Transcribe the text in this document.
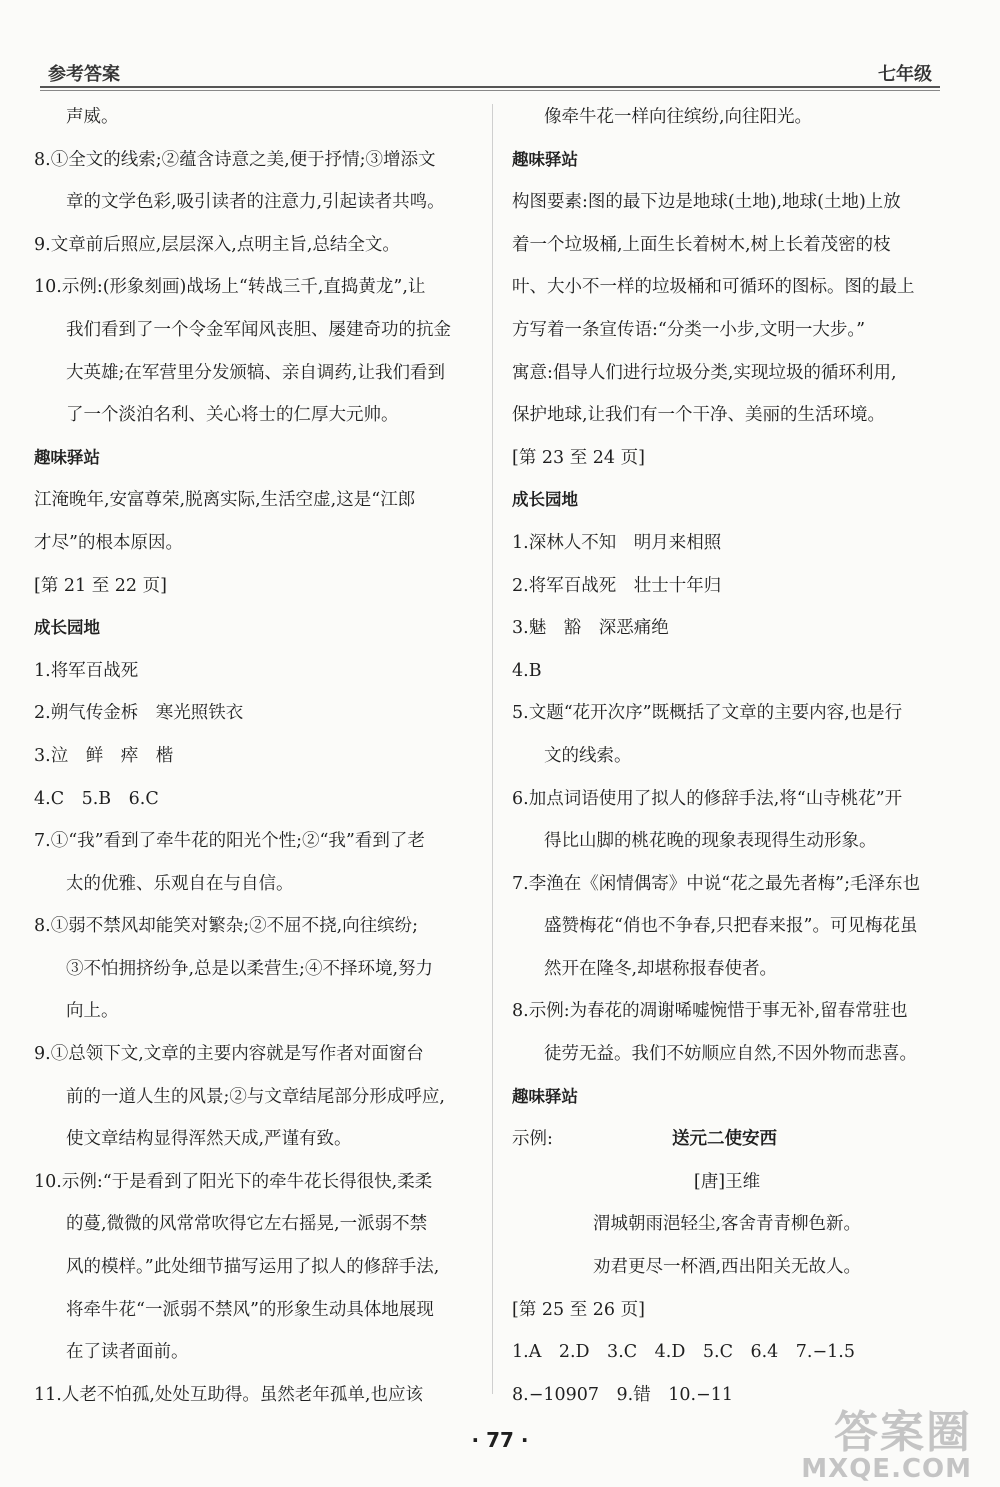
参考答案	七年级
声威。
8.①全文的线索;②蕴含诗意之美,便于抒情;③增添文
章的文学色彩,吸引读者的注意力,引起读者共鸣。
9.文章前后照应,层层深入,点明主旨,总结全文。
10.示例:(形象刻画)战场上“转战三千,直捣黄龙”,让
我们看到了一个令金军闻风丧胆、屡建奇功的抗金
大英雄;在军营里分发颁犒、亲自调药,让我们看到
了一个淡泊名利、关心将士的仁厚大元帅。
趣味驿站
江淹晚年,安富尊荣,脱离实际,生活空虚,这是“江郎
才尽”的根本原因。
[第 21 至 22 页]
成长园地
1.将军百战死
2.朔气传金柝　寒光照铁衣
3.泣　鲜　瘁　楷
4.C　5.B　6.C
7.①“我”看到了牵牛花的阳光个性;②“我”看到了老
太的优雅、乐观自在与自信。
8.①弱不禁风却能笑对繁杂;②不屈不挠,向往缤纷;
③不怕拥挤纷争,总是以柔营生;④不择环境,努力
向上。
9.①总领下文,文章的主要内容就是写作者对面窗台
前的一道人生的风景;②与文章结尾部分形成呼应,
使文章结构显得浑然天成,严谨有致。
10.示例:“于是看到了阳光下的牵牛花长得很快,柔柔
的蔓,微微的风常常吹得它左右摇晃,一派弱不禁
风的模样。”此处细节描写运用了拟人的修辞手法,
将牵牛花“一派弱不禁风”的形象生动具体地展现
在了读者面前。
11.人老不怕孤,处处互助得。虽然老年孤单,也应该
像牵牛花一样向往缤纷,向往阳光。
趣味驿站
构图要素:图的最下边是地球(土地),地球(土地)上放
着一个垃圾桶,上面生长着树木,树上长着茂密的枝
叶、大小不一样的垃圾桶和可循环的图标。图的最上
方写着一条宣传语:“分类一小步,文明一大步。”
寓意:倡导人们进行垃圾分类,实现垃圾的循环利用,
保护地球,让我们有一个干净、美丽的生活环境。
[第 23 至 24 页]
成长园地
1.深林人不知　明月来相照
2.将军百战死　壮士十年归
3.魅　豁　深恶痛绝
4.B
5.文题“花开次序”既概括了文章的主要内容,也是行
文的线索。
6.加点词语使用了拟人的修辞手法,将“山寺桃花”开
得比山脚的桃花晚的现象表现得生动形象。
7.李渔在《闲情偶寄》中说“花之最先者梅”;毛泽东也
盛赞梅花“俏也不争春,只把春来报”。可见梅花虽
然开在隆冬,却堪称报春使者。
8.示例:为春花的凋谢唏嘘惋惜于事无补,留春常驻也
徒劳无益。我们不妨顺应自然,不因外物而悲喜。
趣味驿站
示例:	送元二使安西
[唐]王维
渭城朝雨浥轻尘,客舍青青柳色新。
劝君更尽一杯酒,西出阳关无故人。
[第 25 至 26 页]
1.A　2.D　3.C　4.D　5.C　6.4　7.−1.5
8.−10907　9.错　10.−11
· 77 ·	答案圈
MXQE.COM
